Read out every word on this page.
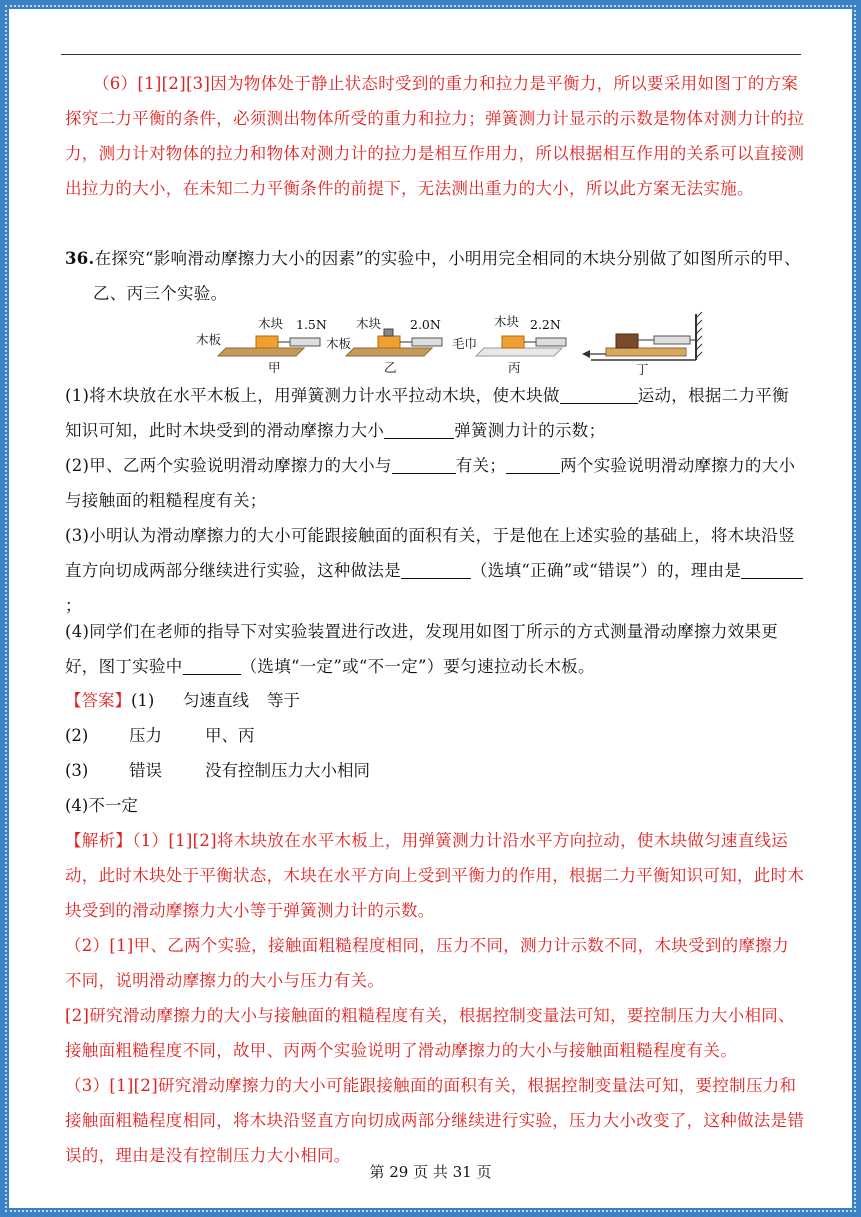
（6）[1][2][3]因为物体处于静止状态时受到的重力和拉力是平衡力，所以要采用如图丁的方案探究二力平衡的条件，必须测出物体所受的重力和拉力；弹簧测力计显示的示数是物体对测力计的拉力，测力计对物体的拉力和物体对测力计的拉力是相互作用力，所以根据相互作用的关系可以直接测出拉力的大小，在未知二力平衡条件的前提下，无法测出重力的大小，所以此方案无法实施。
36.在探究“影响滑动摩擦力大小的因素”的实验中，小明用完全相同的木块分别做了如图所示的甲、乙、丙三个实验。
木板
木块 1.5N
甲
木板
木块 2.0N
乙
毛巾
木块 2.2N
丙	丁
(1)将木块放在水平木板上，用弹簧测力计水平拉动木块，使木块做	运动，根据二力平衡知识可知，此时木块受到的滑动摩擦力大小	弹簧测力计的示数；
(2)甲、乙两个实验说明滑动摩擦力的大小与	有关；	两个实验说明滑动摩擦力的大小与接触面的粗糙程度有关；
(3)小明认为滑动摩擦力的大小可能跟接触面的面积有关，于是他在上述实验的基础上，将木块沿竖直方向切成两部分继续进行实验，这种做法是	（选填“正确”或“错误”）的，理由是；
(4)同学们在老师的指导下对实验装置进行改进，发现用如图丁所示的方式测量滑动摩擦力效果更好，图丁实验中	（选填“一定”或“不一定”）要匀速拉动长木板。
【答案】(1) 匀速直线 等于
(2) 压力	甲、丙
(3) 错误	没有控制压力大小相同
(4)不一定
【解析】（1）[1][2]将木块放在水平木板上，用弹簧测力计沿水平方向拉动，使木块做匀速直线运动，此时木块处于平衡状态，木块在水平方向上受到平衡力的作用，根据二力平衡知识可知，此时木块受到的滑动摩擦力大小等于弹簧测力计的示数。
（2）[1]甲、乙两个实验，接触面粗糙程度相同，压力不同，测力计示数不同，木块受到的摩擦力不同，说明滑动摩擦力的大小与压力有关。
[2]研究滑动摩擦力的大小与接触面的粗糙程度有关，根据控制变量法可知，要控制压力大小相同、接触面粗糙程度不同，故甲、丙两个实验说明了滑动摩擦力的大小与接触面粗糙程度有关。
（3）[1][2]研究滑动摩擦力的大小可能跟接触面的面积有关，根据控制变量法可知，要控制压力和接触面粗糙程度相同，将木块沿竖直方向切成两部分继续进行实验，压力大小改变了，这种做法是错误的，理由是没有控制压力大小相同。
第 29 页 共 31 页
